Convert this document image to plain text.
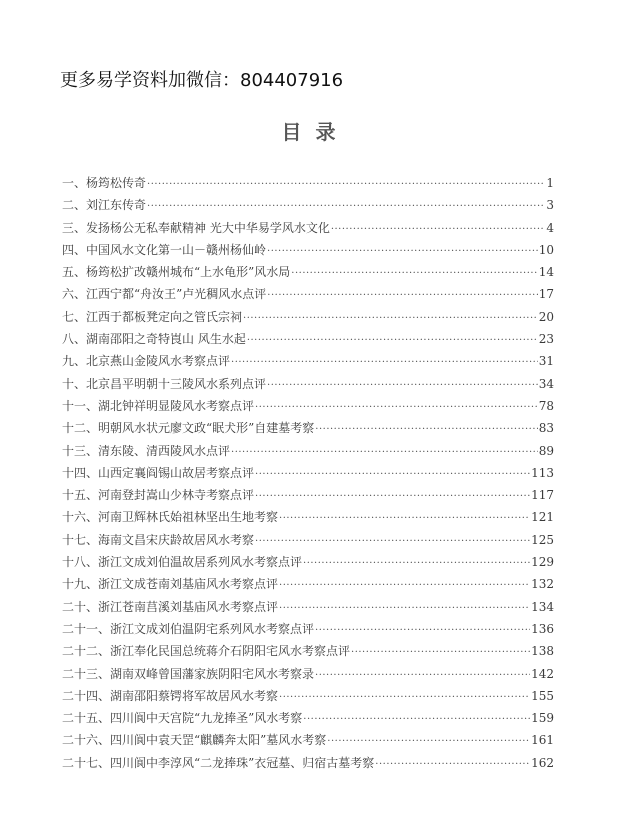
更多易学资料加微信：804407916
目录
一、杨筠松传奇 ·····	1
二、刘江东传奇 ·····	3
三、发扬杨公无私奉献精神 光大中华易学风水文化 ·····	4
四、中国风水文化第一山－赣州杨仙岭 ·····	10
五、杨筠松扩改赣州城布“上水龟形”风水局 ·····	14
六、江西宁都“舟汝王”卢光稠风水点评 ·····	17
七、江西于都板凳定向之管氏宗祠 ·····	20
八、湖南邵阳之奇特崀山 风生水起 ·····	23
九、北京燕山金陵风水考察点评 ·····	31
十、北京昌平明朝十三陵风水系列点评 ·····	34
十一、湖北钟祥明显陵风水考察点评 ·····	78
十二、明朝风水状元廖文政“眠犬形”自建墓考察 ·····	83
十三、清东陵、清西陵风水点评 ·····	89
十四、山西定襄阎锡山故居考察点评 ·····	113
十五、河南登封嵩山少林寺考察点评 ·····	117
十六、河南卫辉林氏始祖林坚出生地考察 ·····	121
十七、海南文昌宋庆龄故居风水考察 ·····	125
十八、浙江文成刘伯温故居系列风水考察点评 ·····	129
十九、浙江文成苍南刘基庙风水考察点评 ·····	132
二十、浙江苍南莒溪刘基庙风水考察点评 ·····	134
二十一、浙江文成刘伯温阴宅系列风水考察点评 ·····	136
二十二、浙江奉化民国总统蒋介石阴阳宅风水考察点评 ·····	138
二十三、湖南双峰曾国藩家族阴阳宅风水考察录 ·····	142
二十四、湖南邵阳蔡锷将军故居风水考察 ·····	155
二十五、四川阆中天宫院“九龙捧圣”风水考察 ·····	159
二十六、四川阆中袁天罡“麒麟奔太阳”墓风水考察 ·····	161
二十七、四川阆中李淳风“二龙捧珠”衣冠墓、归宿古墓考察 ·····	162
